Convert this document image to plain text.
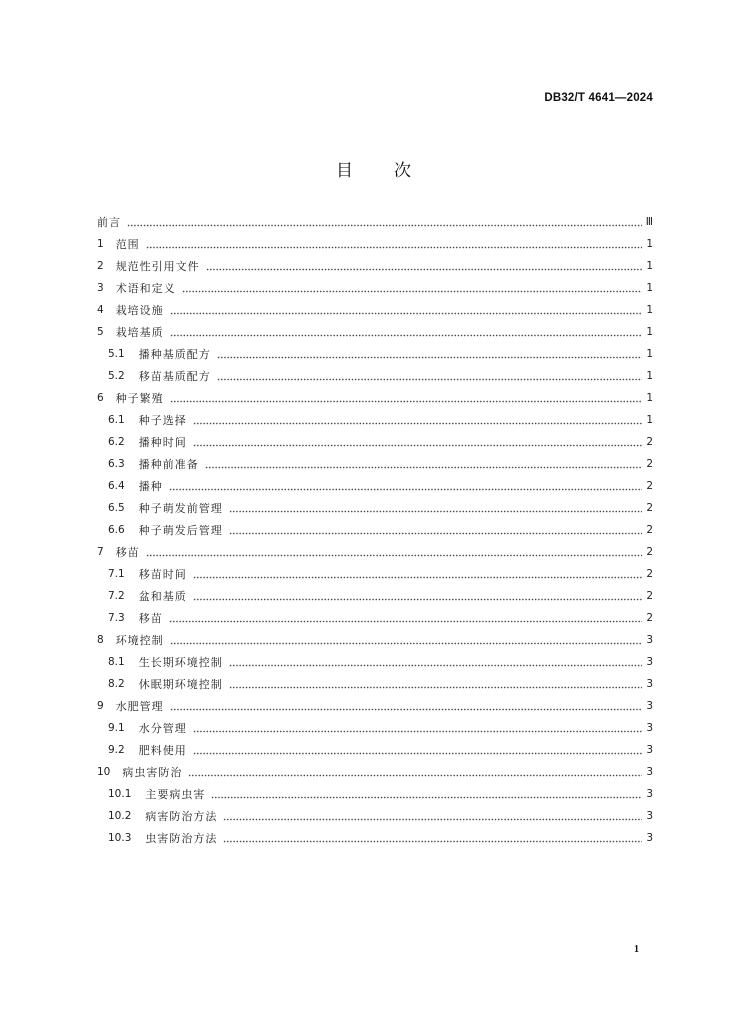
DB32/T 4641—2024
目次
前言	Ⅲ
1 范围	1
2 规范性引用文件	1
3 术语和定义	1
4 栽培设施	1
5 栽培基质	1
5.1 播种基质配方	1
5.2 移苗基质配方	1
6 种子繁殖	1
6.1 种子选择	1
6.2 播种时间	2
6.3 播种前准备	2
6.4 播种	2
6.5 种子萌发前管理	2
6.6 种子萌发后管理	2
7 移苗	2
7.1 移苗时间	2
7.2 盆和基质	2
7.3 移苗	2
8 环境控制	3
8.1 生长期环境控制	3
8.2 休眠期环境控制	3
9 水肥管理	3
9.1 水分管理	3
9.2 肥料使用	3
10 病虫害防治	3
10.1 主要病虫害	3
10.2 病害防治方法	3
10.3 虫害防治方法	3
1
